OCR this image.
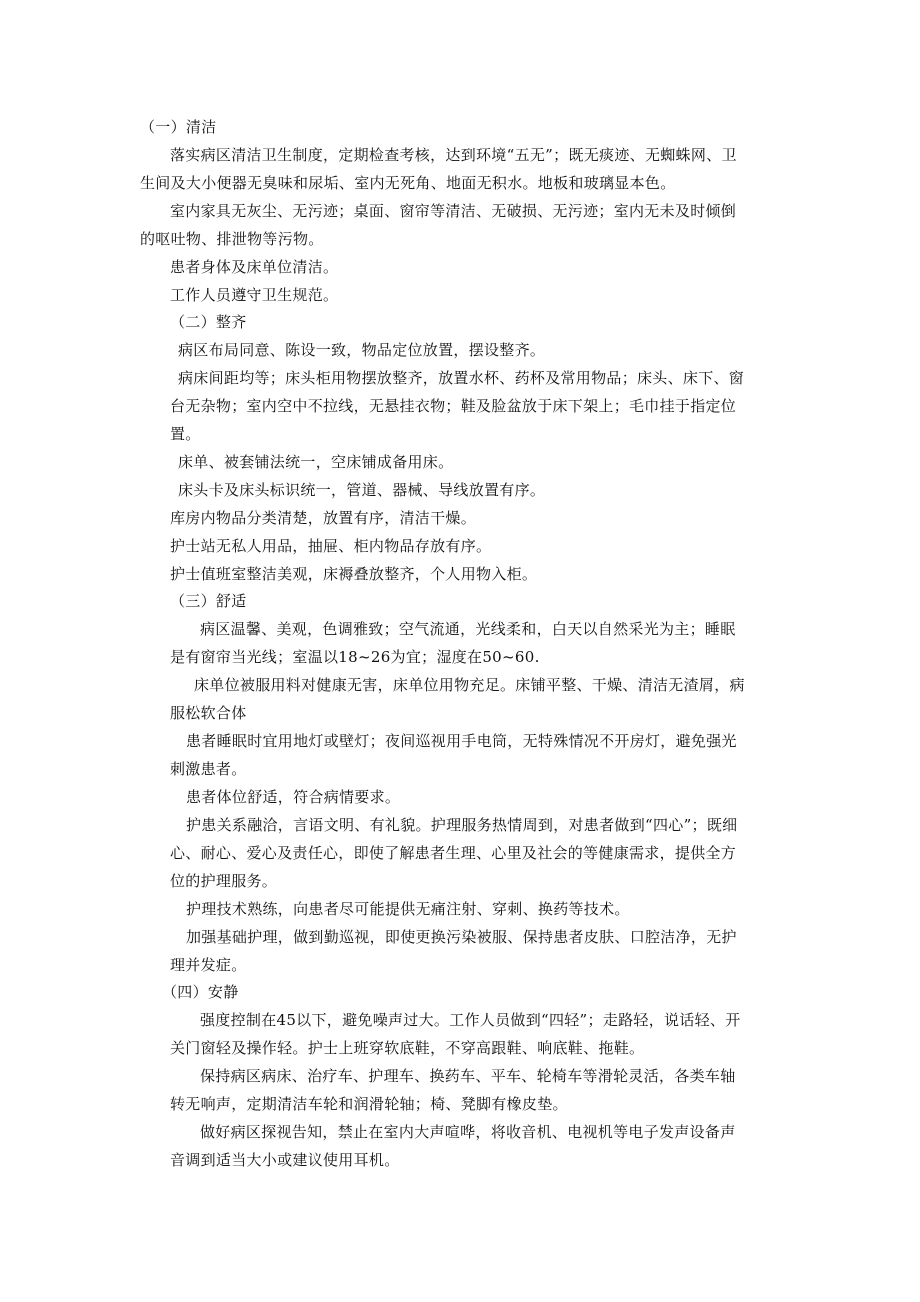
（一）清洁

落实病区清洁卫生制度，定期检查考核，达到环境“五无”；既无痰迹、无蜘蛛网、卫

生间及大小便器无臭味和尿垢、室内无死角、地面无积水。地板和玻璃显本色。

室内家具无灰尘、无污迹；桌面、窗帘等清洁、无破损、无污迹；室内无未及时倾倒

的呕吐物、排泄物等污物。

患者身体及床单位清洁。

工作人员遵守卫生规范。

（二）整齐

病区布局同意、陈设一致，物品定位放置，摆设整齐。

病床间距均等；床头柜用物摆放整齐，放置水杯、药杯及常用物品；床头、床下、窗

台无杂物；室内空中不拉线，无悬挂衣物；鞋及脸盆放于床下架上；毛巾挂于指定位

置。

床单、被套铺法统一，空床铺成备用床。

床头卡及床头标识统一，管道、器械、导线放置有序。

库房内物品分类清楚，放置有序，清洁干燥。

护士站无私人用品，抽屉、柜内物品存放有序。

护士值班室整洁美观，床褥叠放整齐，个人用物入柜。

（三）舒适

病区温馨、美观，色调雅致；空气流通，光线柔和，白天以自然采光为主；睡眠

是有窗帘当光线；室温以18~26为宜；湿度在50~60.

床单位被服用料对健康无害，床单位用物充足。床铺平整、干燥、清洁无渣屑，病

服松软合体

患者睡眠时宜用地灯或壁灯；夜间巡视用手电筒，无特殊情况不开房灯，避免强光

刺激患者。

患者体位舒适，符合病情要求。

护患关系融洽，言语文明、有礼貌。护理服务热情周到，对患者做到“四心”；既细

心、耐心、爱心及责任心，即使了解患者生理、心里及社会的等健康需求，提供全方

位的护理服务。

护理技术熟练，向患者尽可能提供无痛注射、穿刺、换药等技术。

加强基础护理，做到勤巡视，即使更换污染被服、保持患者皮肤、口腔洁净，无护

理并发症。

（四）安静

强度控制在45以下，避免噪声过大。工作人员做到“四轻”；走路轻，说话轻、开

关门窗轻及操作轻。护士上班穿软底鞋，不穿高跟鞋、响底鞋、拖鞋。

保持病区病床、治疗车、护理车、换药车、平车、轮椅车等滑轮灵活，各类车轴

转无响声，定期清洁车轮和润滑轮轴；椅、凳脚有橡皮垫。

做好病区探视告知，禁止在室内大声喧哗，将收音机、电视机等电子发声设备声

音调到适当大小或建议使用耳机。
